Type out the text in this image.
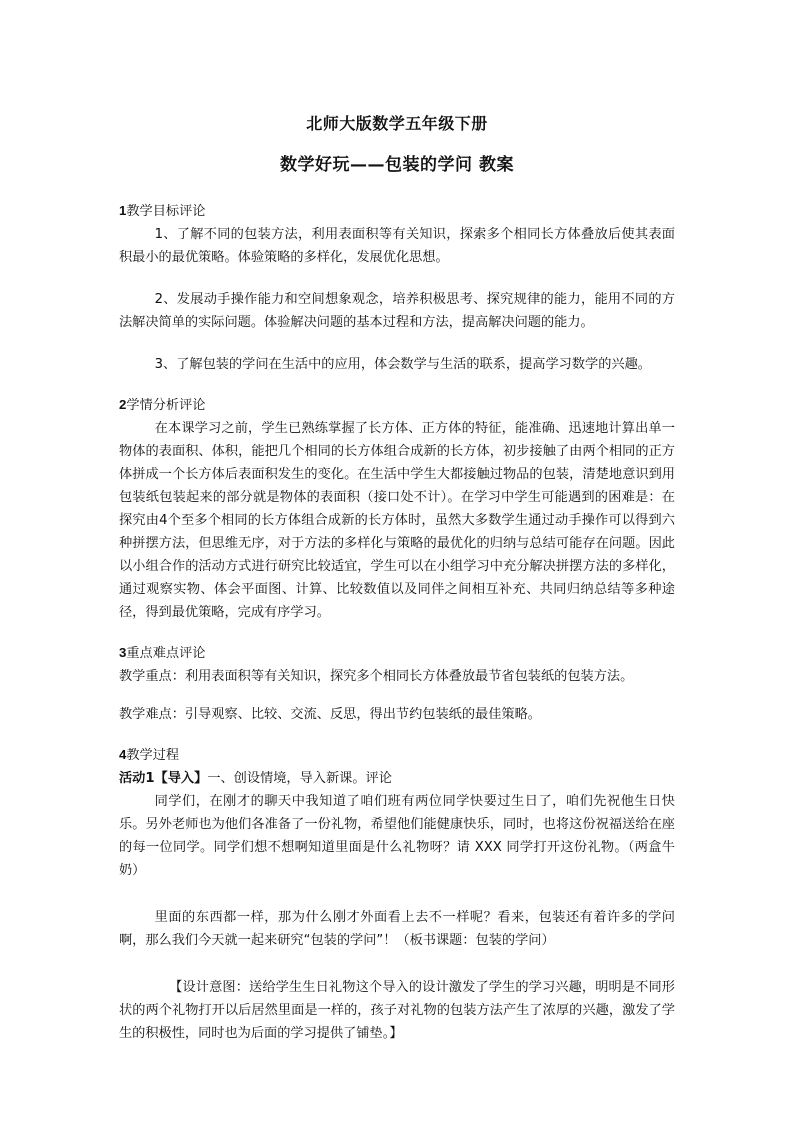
北师大版数学五年级下册
数学好玩——包装的学问 教案
1教学目标评论

1、了解不同的包装方法，利用表面积等有关知识，探索多个相同长方体叠放后使其表面积最小的最优策略。体验策略的多样化，发展优化思想。

2、发展动手操作能力和空间想象观念，培养积极思考、探究规律的能力，能用不同的方法解决简单的实际问题。体验解决问题的基本过程和方法，提高解决问题的能力。

3、了解包装的学问在生活中的应用，体会数学与生活的联系，提高学习数学的兴趣。

2学情分析评论

在本课学习之前，学生已熟练掌握了长方体、正方体的特征，能准确、迅速地计算出单一物体的表面积、体积，能把几个相同的长方体组合成新的长方体，初步接触了由两个相同的正方体拼成一个长方体后表面积发生的变化。在生活中学生大都接触过物品的包装，清楚地意识到用包装纸包装起来的部分就是物体的表面积（接口处不计）。在学习中学生可能遇到的困难是：在探究由4个至多个相同的长方体组合成新的长方体时，虽然大多数学生通过动手操作可以得到六种拼摆方法，但思维无序，对于方法的多样化与策略的最优化的归纳与总结可能存在问题。因此以小组合作的活动方式进行研究比较适宜，学生可以在小组学习中充分解决拼摆方法的多样化，通过观察实物、体会平面图、计算、比较数值以及同伴之间相互补充、共同归纳总结等多种途径，得到最优策略，完成有序学习。

3重点难点评论

教学重点：利用表面积等有关知识，探究多个相同长方体叠放最节省包装纸的包装方法。

教学难点：引导观察、比较、交流、反思，得出节约包装纸的最佳策略。

4教学过程

活动1【导入】一、创设情境，导入新课。评论

同学们，在刚才的聊天中我知道了咱们班有两位同学快要过生日了，咱们先祝他生日快乐。另外老师也为他们各准备了一份礼物，希望他们能健康快乐，同时，也将这份祝福送给在座的每一位同学。同学们想不想啊知道里面是什么礼物呀？请 XXX 同学打开这份礼物。（两盒牛奶）

里面的东西都一样，那为什么刚才外面看上去不一样呢？看来，包装还有着许多的学问啊，那么我们今天就一起来研究“包装的学问”！（板书课题：包装的学问）

【设计意图：送给学生生日礼物这个导入的设计激发了学生的学习兴趣，明明是不同形状的两个礼物打开以后居然里面是一样的，孩子对礼物的包装方法产生了浓厚的兴趣，激发了学生的积极性，同时也为后面的学习提供了铺垫。】
